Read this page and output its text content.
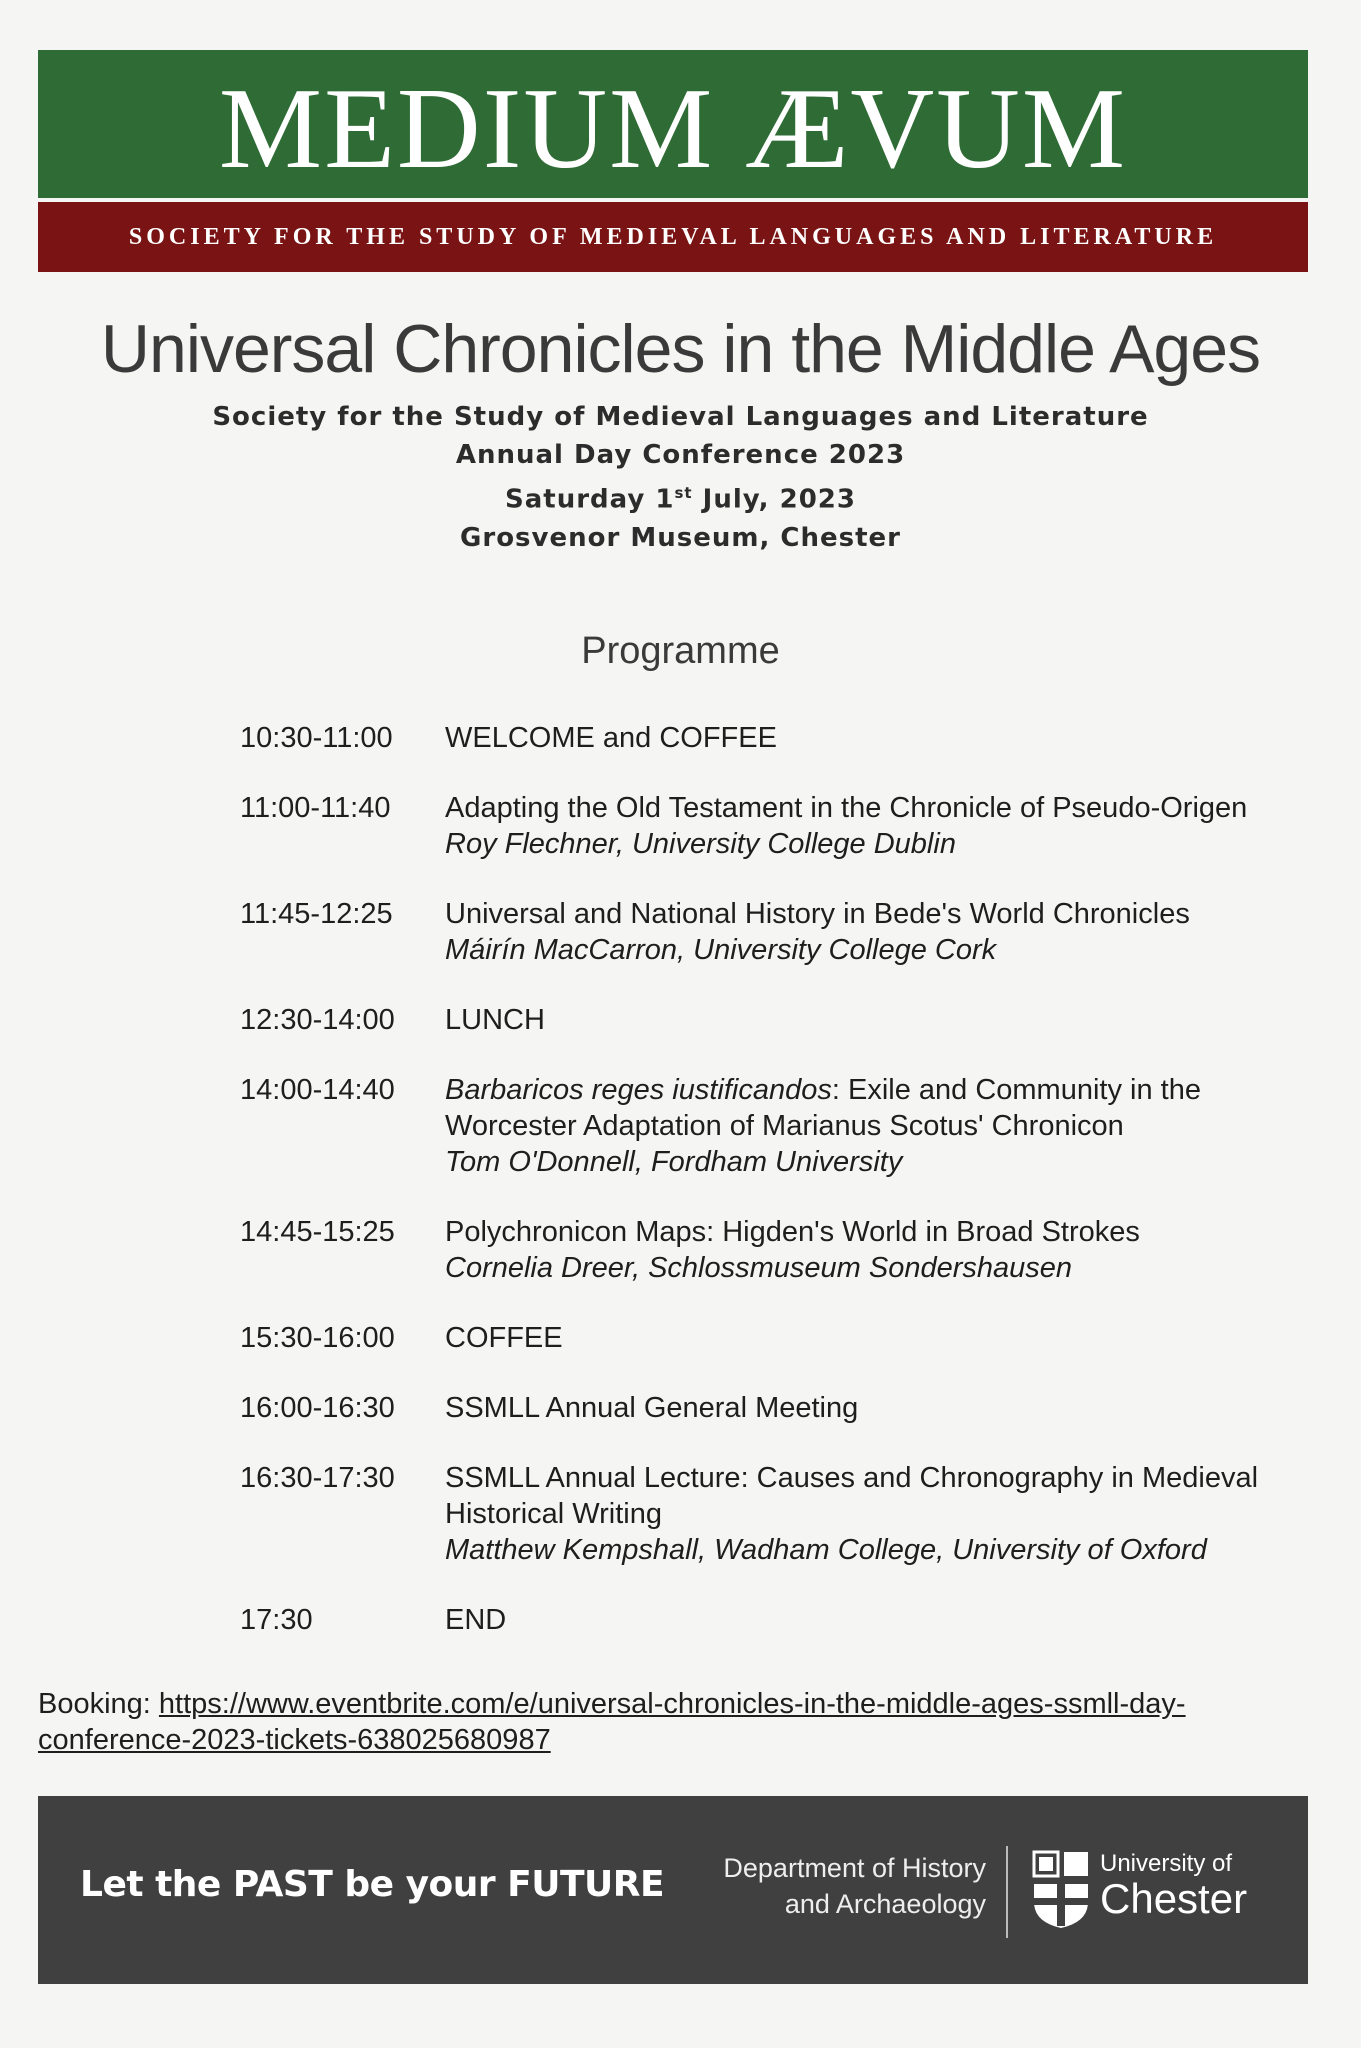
MEDIUM ÆVUM
SOCIETY FOR THE STUDY OF MEDIEVAL LANGUAGES AND LITERATURE
Universal Chronicles in the Middle Ages
Society for the Study of Medieval Languages and Literature
Annual Day Conference 2023
Saturday 1st July, 2023
Grosvenor Museum, Chester
Programme
10:30-11:00	WELCOME and COFFEE
11:00-11:40	Adapting the Old Testament in the Chronicle of Pseudo-Origen
Roy Flechner, University College Dublin
11:45-12:25	Universal and National History in Bede's World Chronicles
Máirín MacCarron, University College Cork
12:30-14:00	LUNCH
14:00-14:40	Barbaricos reges iustificandos: Exile and Community in the Worcester Adaptation of Marianus Scotus' Chronicon
Tom O'Donnell, Fordham University
14:45-15:25	Polychronicon Maps: Higden's World in Broad Strokes
Cornelia Dreer, Schlossmuseum Sondershausen
15:30-16:00	COFFEE
16:00-16:30	SSMLL Annual General Meeting
16:30-17:30	SSMLL Annual Lecture: Causes and Chronography in Medieval Historical Writing
Matthew Kempshall, Wadham College, University of Oxford
17:30	END
Booking: https://www.eventbrite.com/e/universal-chronicles-in-the-middle-ages-ssmll-day-conference-2023-tickets-638025680987
Let the PAST be your FUTURE Department of History
and Archaeology
University of
Chester
